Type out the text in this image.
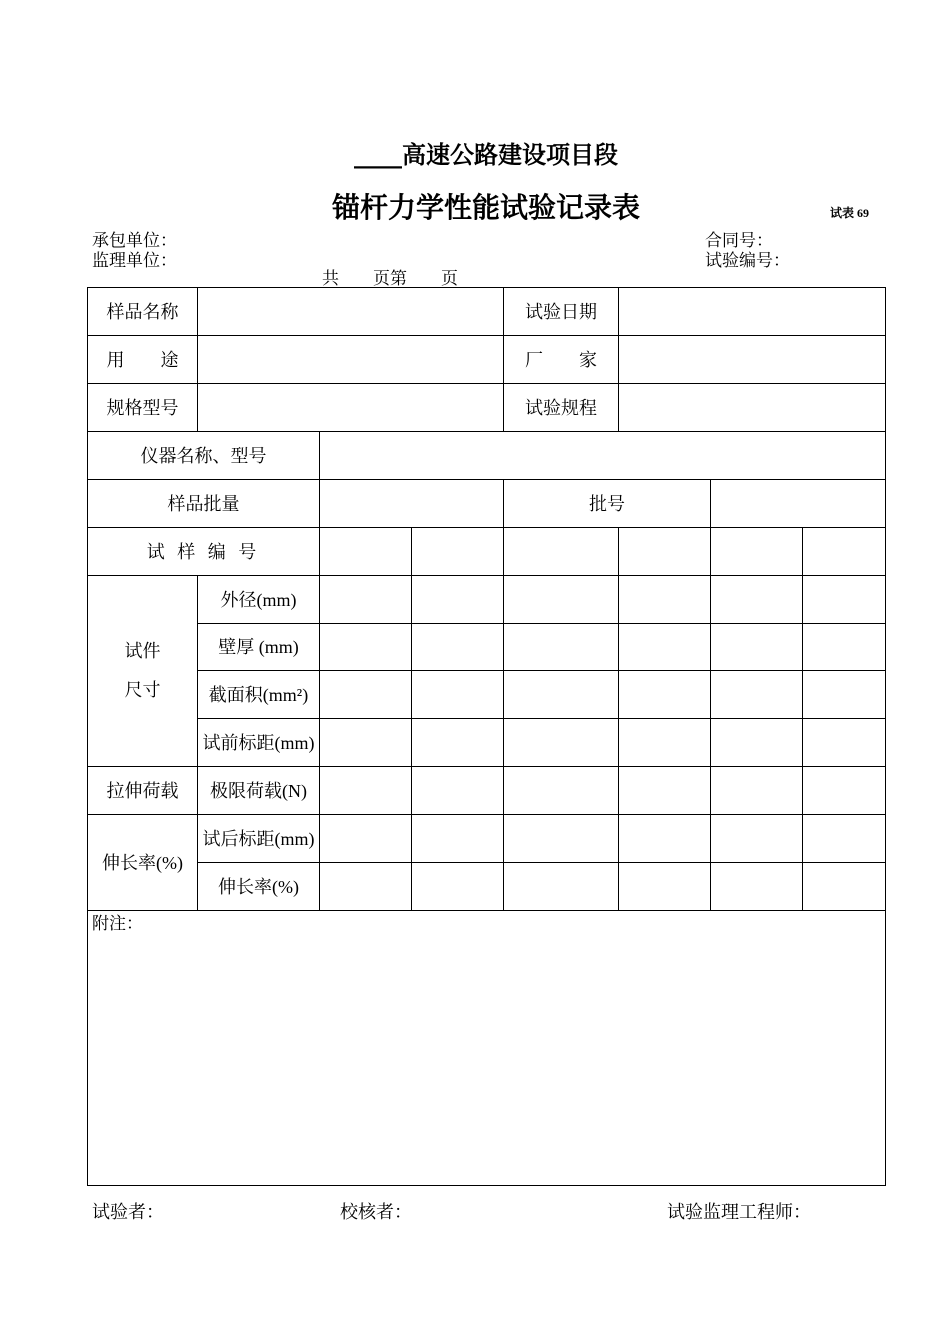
____高速公路建设项目段
锚杆力学性能试验记录表	试表 69
承包单位：	合同号：
监理单位：	试验编号：
共　　页第　　页
样品名称				试验日期			
用　　途				厂　　家			
规格型号				试验规程			
仪器名称、型号							
样品批量				批号			
试 样 编 号							

试件
尺寸	外径(mm)						
	壁厚 (mm)						
	截面积(mm²)						
	试前标距(mm)						
拉伸荷载	极限荷载(N)						
伸长率(%)	试后标距(mm)						
	伸长率(%)						
附注：							
试验者：	校核者：	试验监理工程师：
